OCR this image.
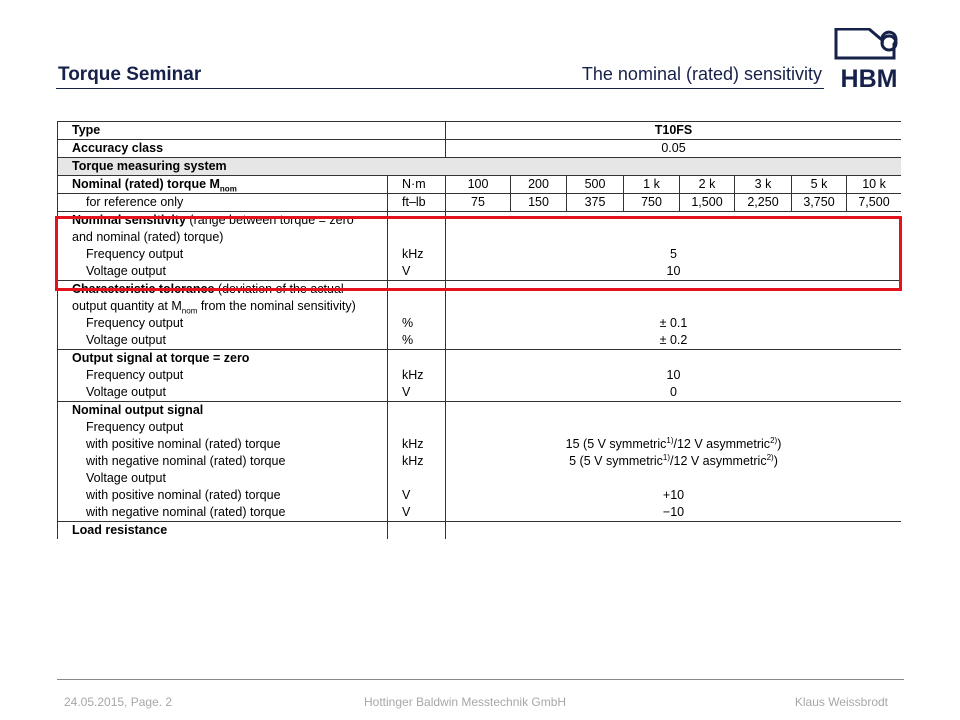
Torque Seminar	The nominal (rated) sensitivity HBM
Type		T10FS							
Accuracy class		0.05							
Torque measuring system									
Nominal (rated) torque $M_{nom}$	N·m	100	200	500	1 k	2 k	3 k	5 k	10 k
for reference only	ft–lb	75	150	375	750	1,500	2,250	3,750	7,500
Nominal sensitivity (range between torque = zero									
and nominal (rated) torque)									
Frequency output	kHz	5							
Voltage output	V	10							
Characteristic tolerance (deviation of the actual									
output quantity at $M_{nom}$ from the nominal sensitivity)									
Frequency output	%	± 0.1							
Voltage output	%	± 0.2							
Output signal at torque = zero									
Frequency output	kHz	10							
Voltage output	V	0							
Nominal output signal									
Frequency output									
with positive nominal (rated) torque	kHz	15 (5 V symmetric$^{1)}$/12 V asymmetric$^{2)}$)							
with negative nominal (rated) torque	kHz	5 (5 V symmetric$^{1)}$/12 V asymmetric$^{2)}$)							
Voltage output									
with positive nominal (rated) torque	V	+10							
with negative nominal (rated) torque	V	−10							
Load resistance									
24.05.2015, Page. 2	Hottinger Baldwin Messtechnik GmbH	Klaus Weissbrodt
